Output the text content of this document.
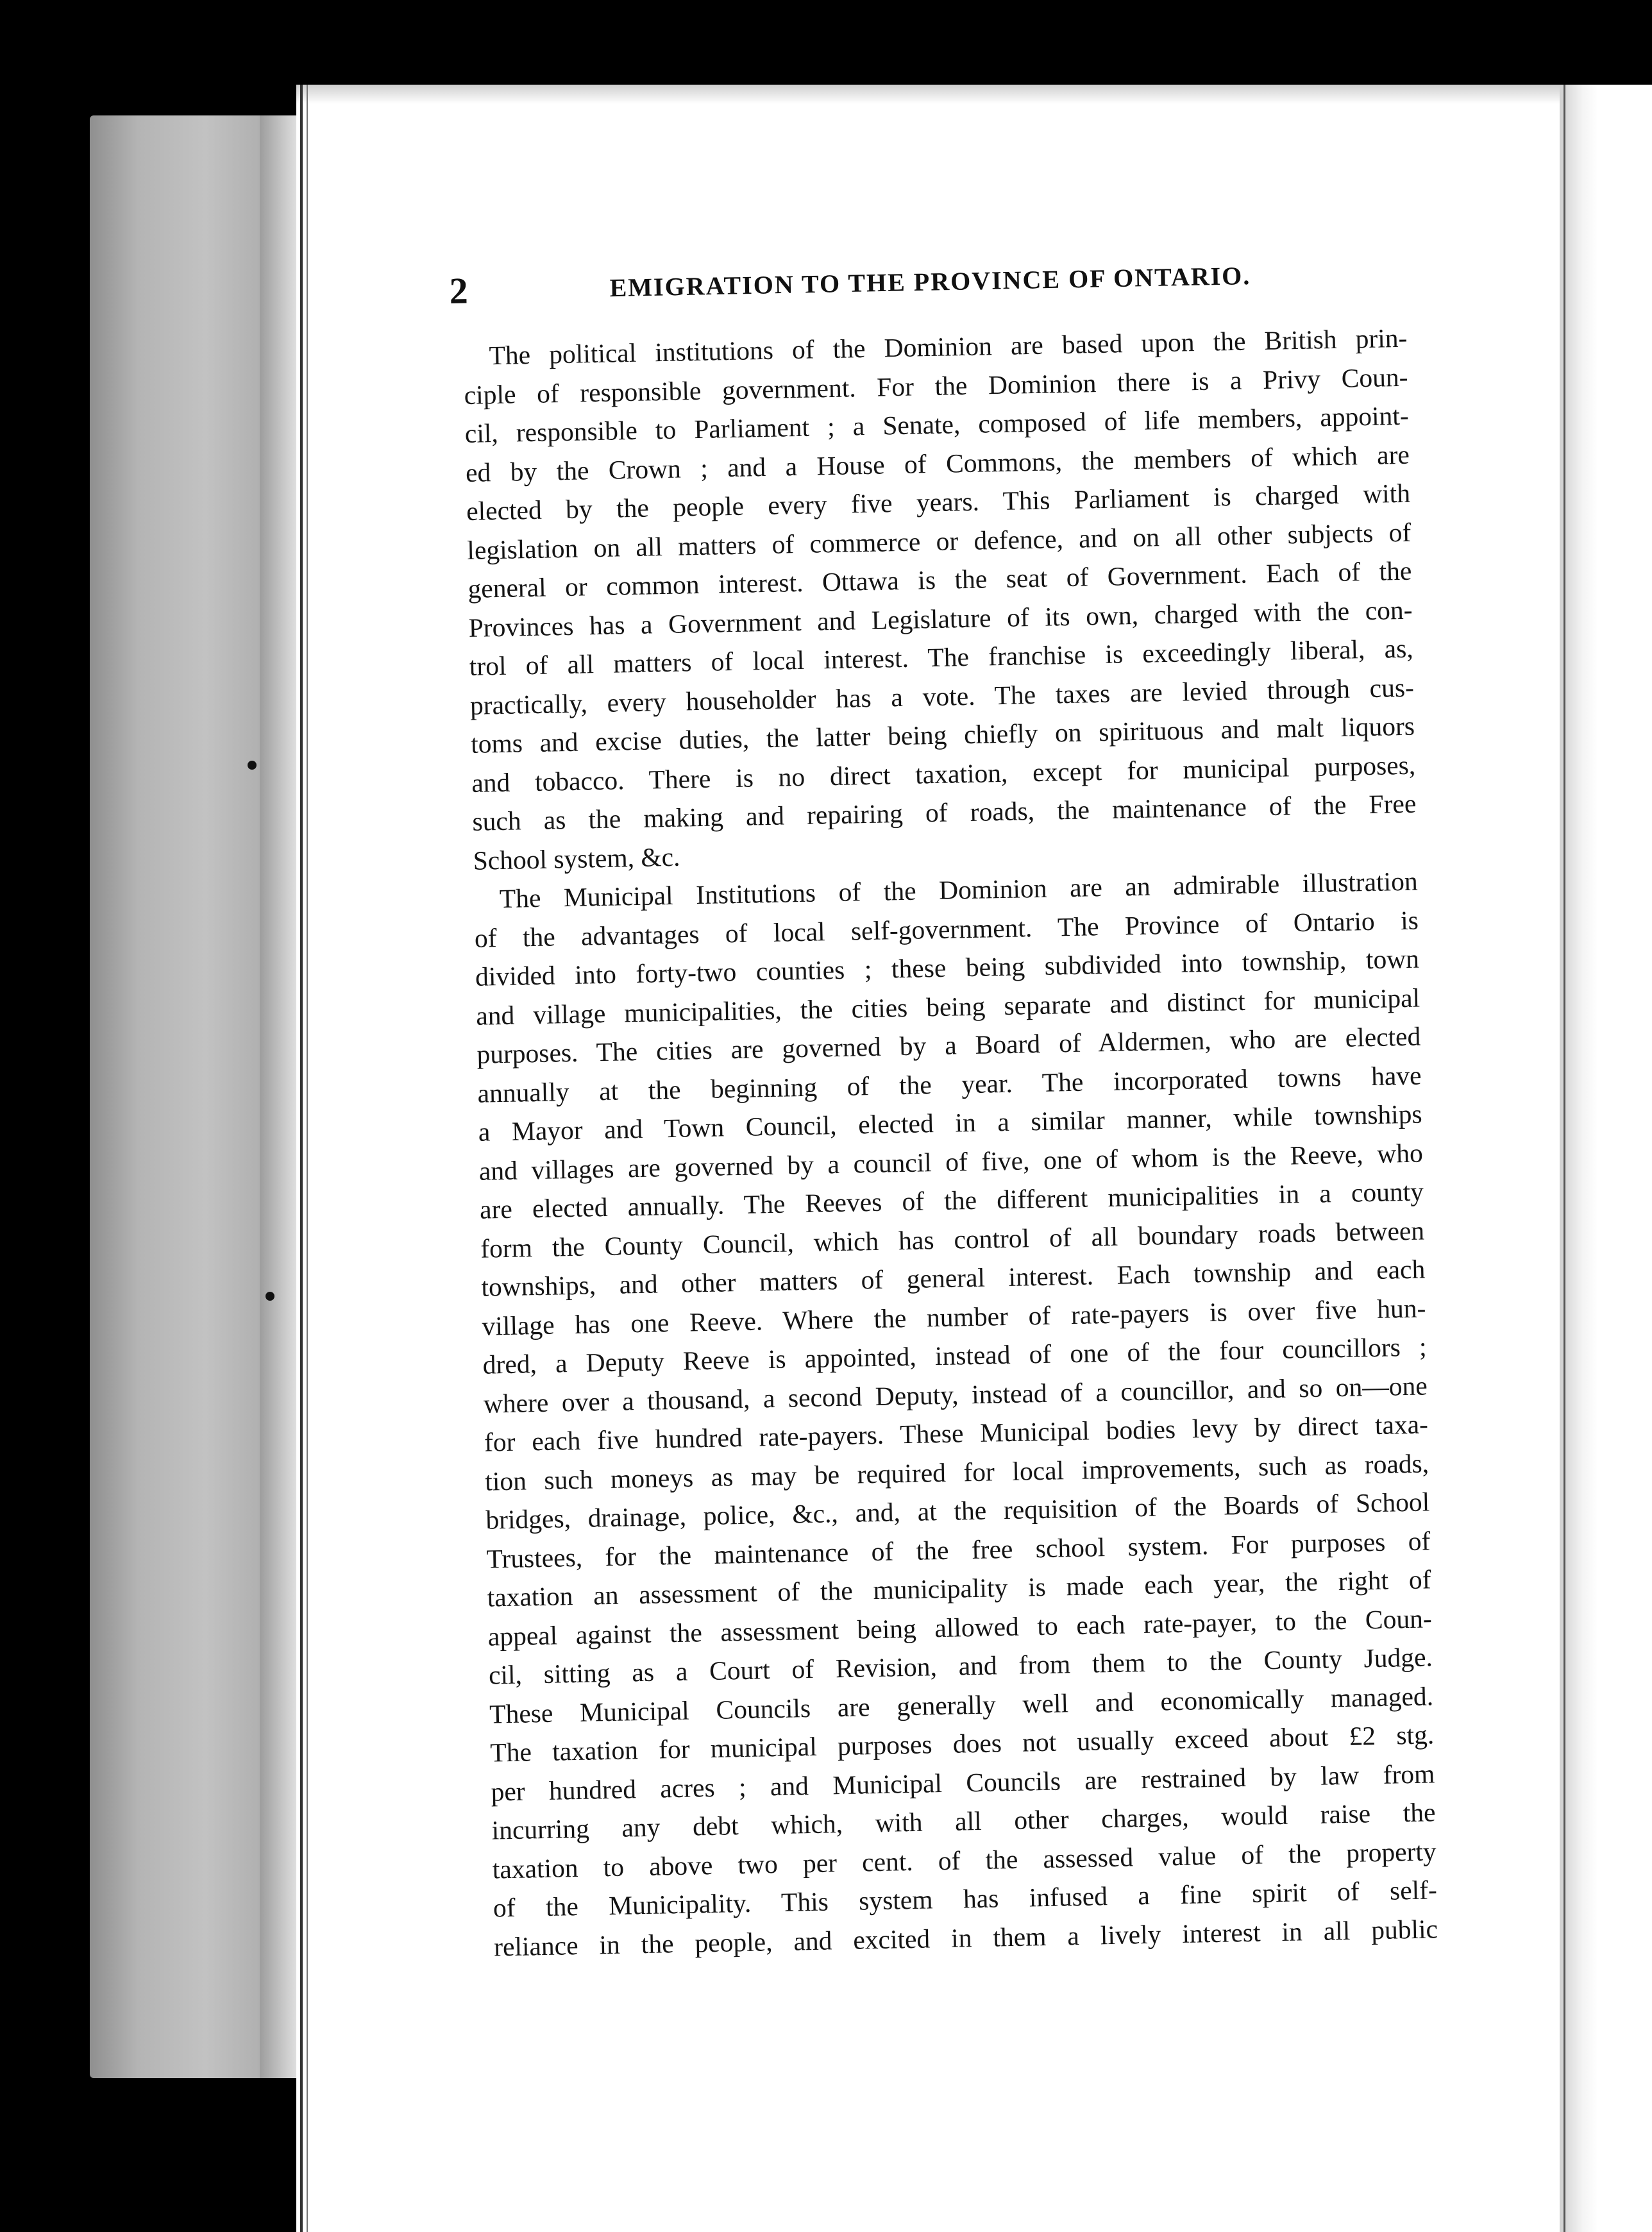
2	EMIGRATION TO THE PROVINCE OF ONTARIO.
The political institutions of the Dominion are based upon the British prin-
ciple of responsible government. For the Dominion there is a Privy Coun-
cil, responsible to Parliament ; a Senate, composed of life members, appoint-
ed by the Crown ; and a House of Commons, the members of which are
elected by the people every five years. This Parliament is charged with
legislation on all matters of commerce or defence, and on all other subjects of
general or common interest. Ottawa is the seat of Government. Each of the
Provinces has a Government and Legislature of its own, charged with the con-
trol of all matters of local interest. The franchise is exceedingly liberal, as,
practically, every householder has a vote. The taxes are levied through cus-
toms and excise duties, the latter being chiefly on spirituous and malt liquors
and tobacco. There is no direct taxation, except for municipal purposes,
such as the making and repairing of roads, the maintenance of the Free
School system, &c.
The Municipal Institutions of the Dominion are an admirable illustration
of the advantages of local self-government. The Province of Ontario is
divided into forty-two counties ; these being subdivided into township, town
and village municipalities, the cities being separate and distinct for municipal
purposes. The cities are governed by a Board of Aldermen, who are elected
annually at the beginning of the year. The incorporated towns have
a Mayor and Town Council, elected in a similar manner, while townships
and villages are governed by a council of five, one of whom is the Reeve, who
are elected annually. The Reeves of the different municipalities in a county
form the County Council, which has control of all boundary roads between
townships, and other matters of general interest. Each township and each
village has one Reeve. Where the number of rate-payers is over five hun-
dred, a Deputy Reeve is appointed, instead of one of the four councillors ;
where over a thousand, a second Deputy, instead of a councillor, and so on—one
for each five hundred rate-payers. These Municipal bodies levy by direct taxa-
tion such moneys as may be required for local improvements, such as roads,
bridges, drainage, police, &c., and, at the requisition of the Boards of School
Trustees, for the maintenance of the free school system. For purposes of
taxation an assessment of the municipality is made each year, the right of
appeal against the assessment being allowed to each rate-payer, to the Coun-
cil, sitting as a Court of Revision, and from them to the County Judge.
These Municipal Councils are generally well and economically managed.
The taxation for municipal purposes does not usually exceed about £2 stg.
per hundred acres ; and Municipal Councils are restrained by law from
incurring any debt which, with all other charges, would raise the
taxation to above two per cent. of the assessed value of the property
of the Municipality. This system has infused a fine spirit of self-
reliance in the people, and excited in them a lively interest in all public
